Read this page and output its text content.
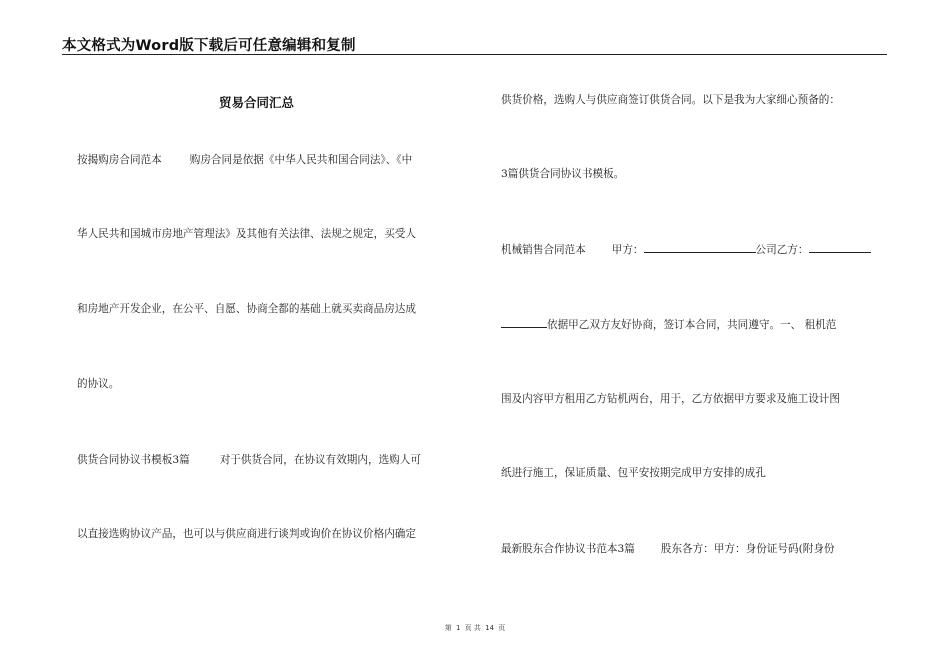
本文格式为Word版下载后可任意编辑和复制
贸易合同汇总
按揭购房合同范本	购房合同是依据《中华人民共和国合同法》、《中
华人民共和国城市房地产管理法》及其他有关法律、法规之规定，买受人
和房地产开发企业，在公平、自愿、协商全都的基础上就买卖商品房达成
的协议。
供货合同协议书模板3篇	对于供货合同，在协议有效期内，选购人可
以直接选购协议产品，也可以与供应商进行谈判或询价在协议价格内确定
供货价格，选购人与供应商签订供货合同。以下是我为大家细心预备的：
3篇供货合同协议书模板。
机械销售合同范本 甲方：	公司乙方：
依据甲乙双方友好协商，签订本合同，共同遵守。一、 租机范
围及内容甲方租用乙方钻机两台，用于，乙方依据甲方要求及施工设计图
纸进行施工，保证质量、包平安按期完成甲方安排的成孔
最新股东合作协议书范本3篇 股东各方：甲方：身份证号码(附身份
第 1 页 共 14 页
